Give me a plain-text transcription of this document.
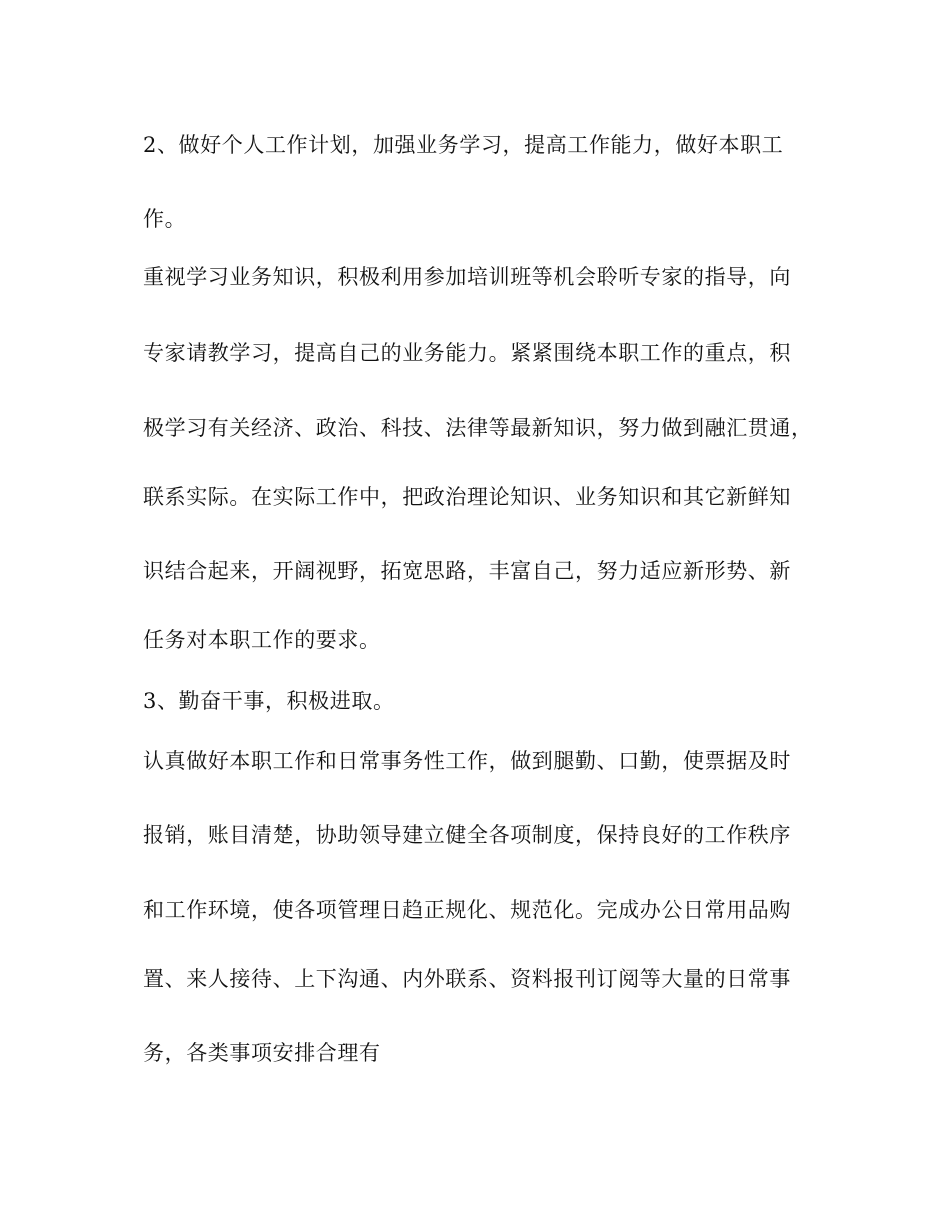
2、做好个人工作计划，加强业务学习，提高工作能力，做好本职工
作。
重视学习业务知识，积极利用参加培训班等机会聆听专家的指导，向
专家请教学习，提高自己的业务能力。紧紧围绕本职工作的重点，积
极学习有关经济、政治、科技、法律等最新知识，努力做到融汇贯通，
联系实际。在实际工作中，把政治理论知识、业务知识和其它新鲜知
识结合起来，开阔视野，拓宽思路，丰富自己，努力适应新形势、新
任务对本职工作的要求。
3、勤奋干事，积极进取。
认真做好本职工作和日常事务性工作，做到腿勤、口勤，使票据及时
报销，账目清楚，协助领导建立健全各项制度，保持良好的工作秩序
和工作环境，使各项管理日趋正规化、规范化。完成办公日常用品购
置、来人接待、上下沟通、内外联系、资料报刊订阅等大量的日常事
务，各类事项安排合理有
